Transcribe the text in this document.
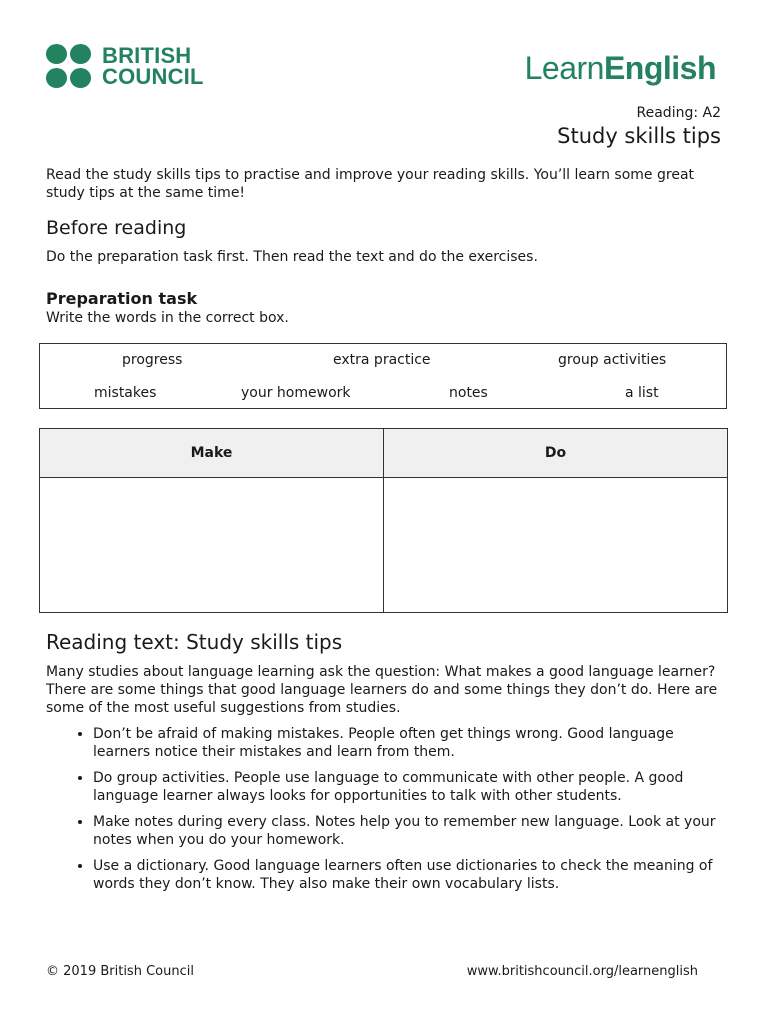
BRITISH
COUNCIL	LearnEnglish
Reading: A2
Study skills tips

Read the study skills tips to practise and improve your reading skills. You’ll learn some great study tips at the same time!

Before reading

Do the preparation task first. Then read the text and do the exercises.

Preparation task

Write the words in the correct box.

progress	extra practice	group activities
mistakes	your homework	notes	a list
Make	Do

Reading text: Study skills tips

Many studies about language learning ask the question: What makes a good language learner? There are some things that good language learners do and some things they don’t do. Here are some of the most useful suggestions from studies.

• Don’t be afraid of making mistakes. People often get things wrong. Good language learners notice their mistakes and learn from them.
• Do group activities. People use language to communicate with other people. A good language learner always looks for opportunities to talk with other students.
• Make notes during every class. Notes help you to remember new language. Look at your notes when you do your homework.
• Use a dictionary. Good language learners often use dictionaries to check the meaning of words they don’t know. They also make their own vocabulary lists.
© 2019 British Council	www.britishcouncil.org/learnenglish
